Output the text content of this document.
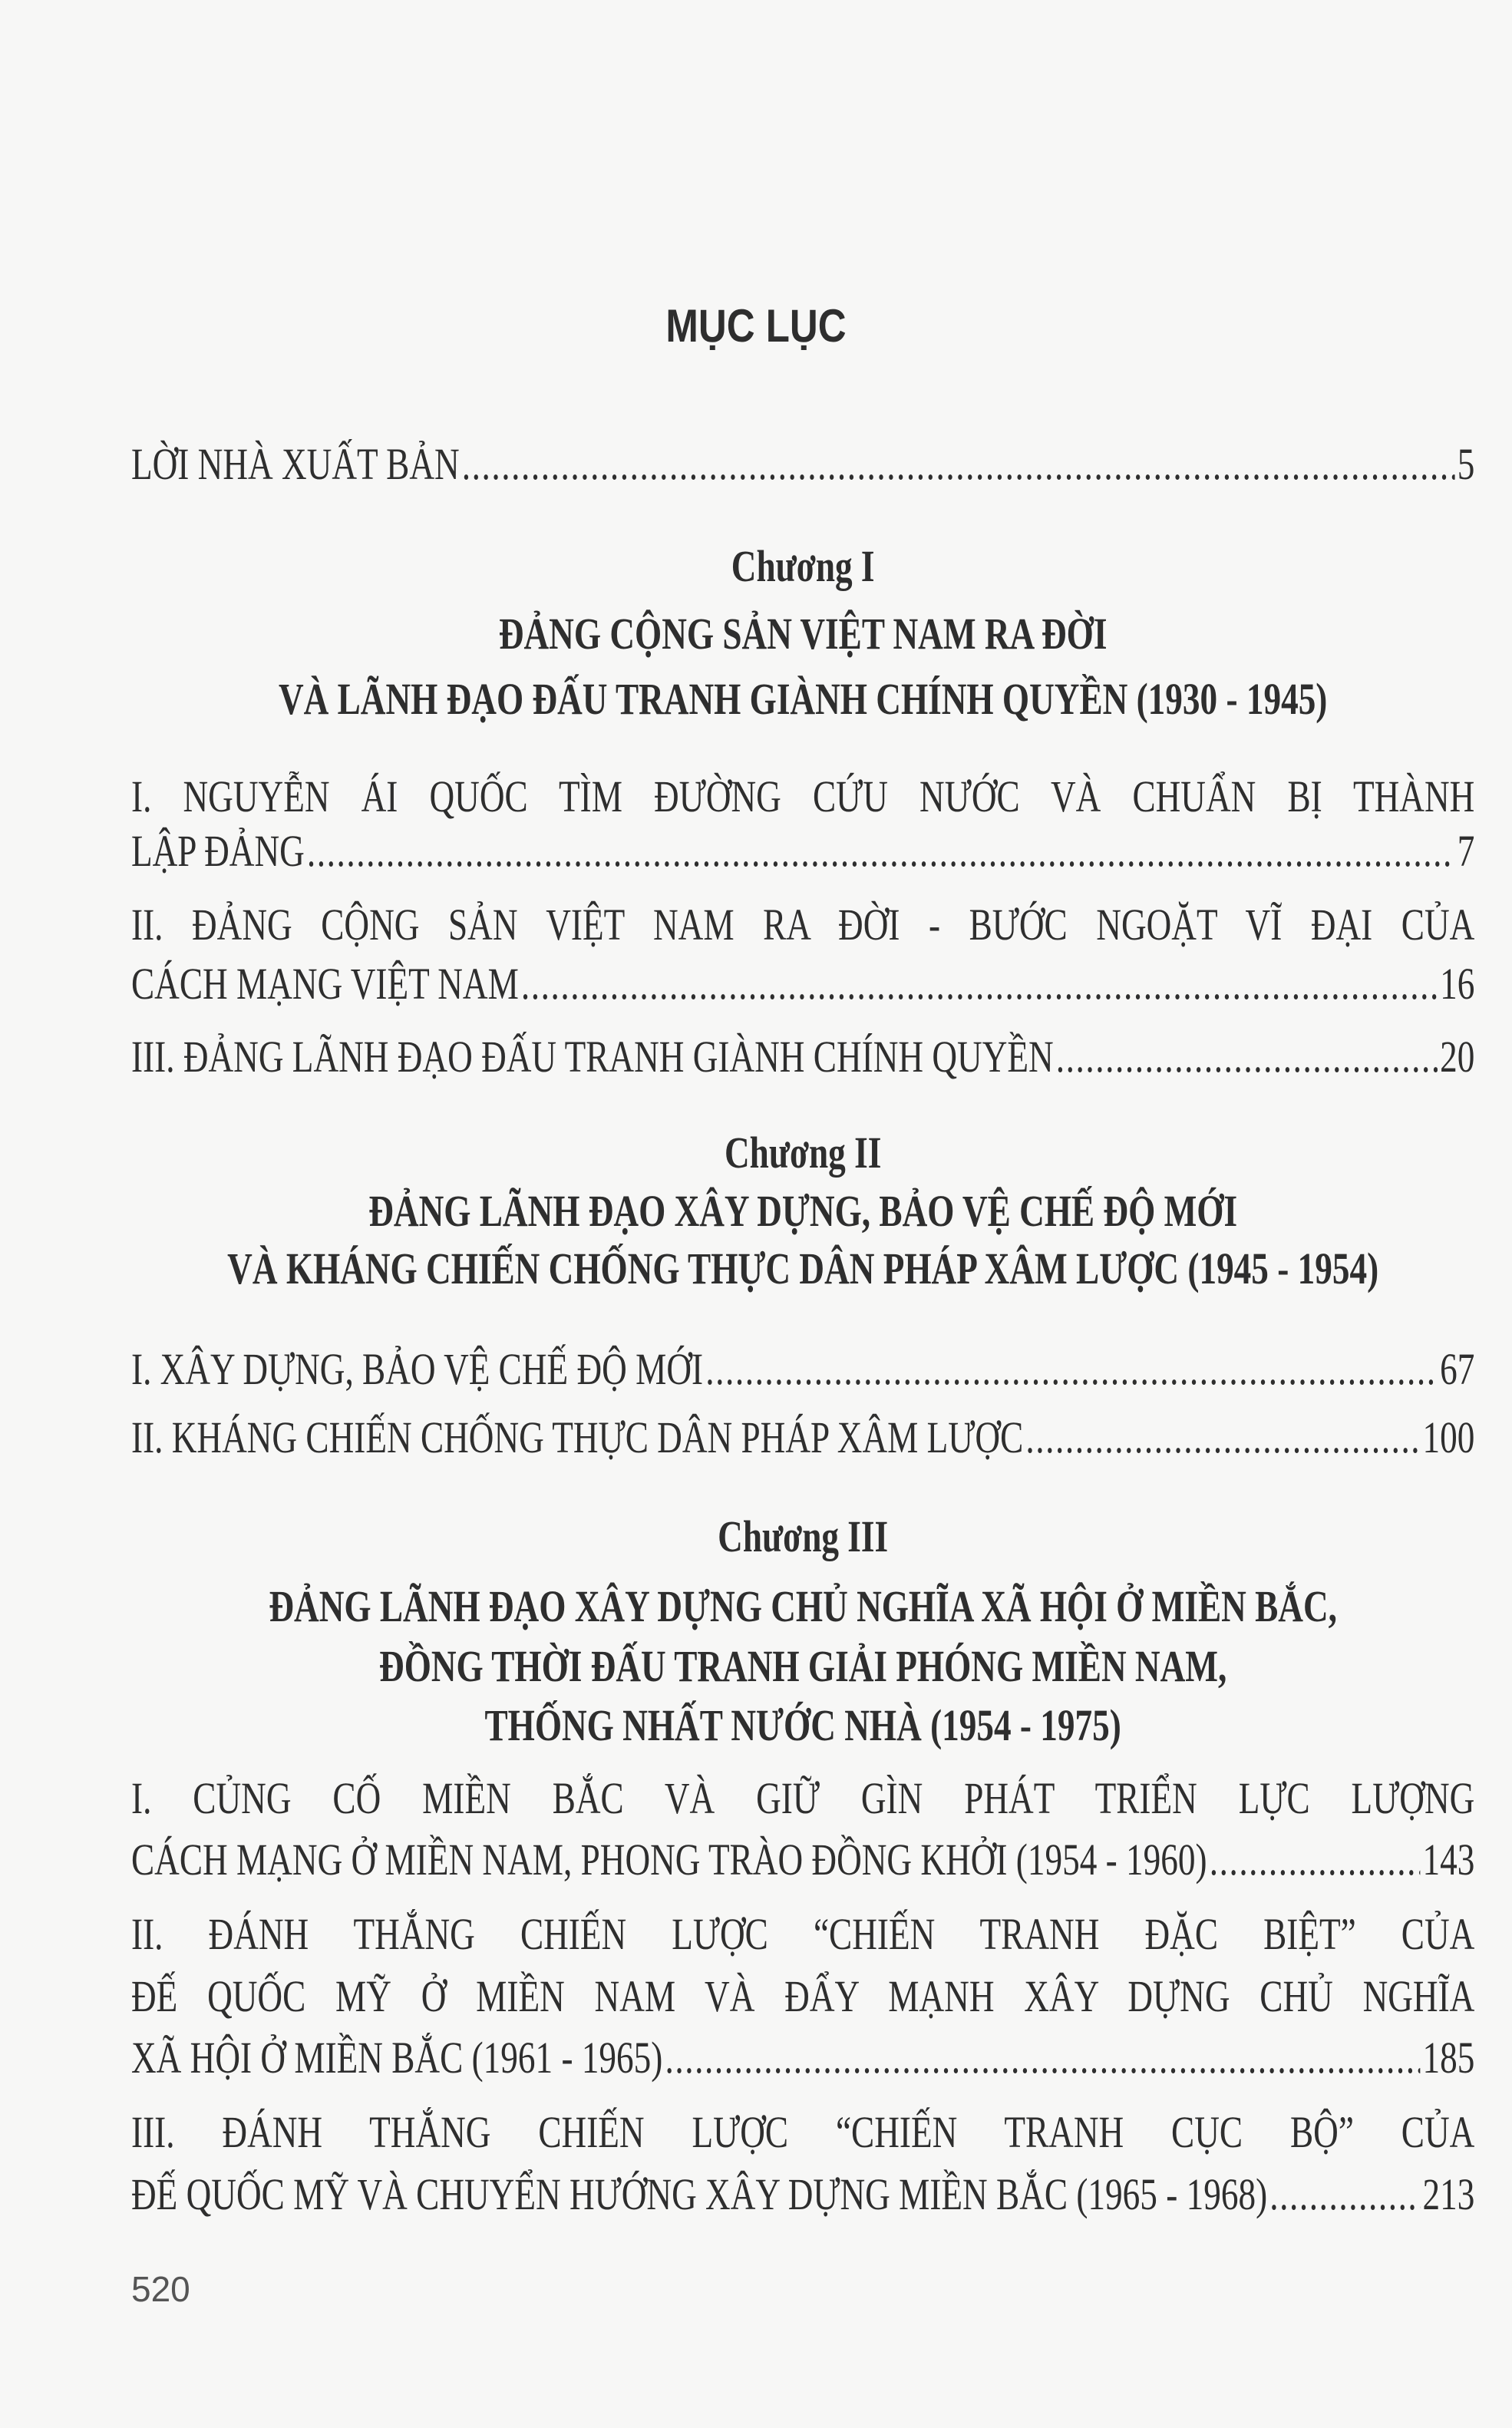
MỤC LỤC
LỜI NHÀ XUẤT BẢN .....	5
Chương I
ĐẢNG CỘNG SẢN VIỆT NAM RA ĐỜI
VÀ LÃNH ĐẠO ĐẤU TRANH GIÀNH CHÍNH QUYỀN (1930 - 1945)
I. NGUYỄN ÁI QUỐC TÌM ĐƯỜNG CỨU NƯỚC VÀ CHUẨN BỊ THÀNH
LẬP ĐẢNG .....	7
II. ĐẢNG CỘNG SẢN VIỆT NAM RA ĐỜI - BƯỚC NGOẶT VĨ ĐẠI CỦA
CÁCH MẠNG VIỆT NAM .....	16
III. ĐẢNG LÃNH ĐẠO ĐẤU TRANH GIÀNH CHÍNH QUYỀN .....	20
Chương II
ĐẢNG LÃNH ĐẠO XÂY DỰNG, BẢO VỆ CHẾ ĐỘ MỚI
VÀ KHÁNG CHIẾN CHỐNG THỰC DÂN PHÁP XÂM LƯỢC (1945 - 1954)
I. XÂY DỰNG, BẢO VỆ CHẾ ĐỘ MỚI .....	67
II. KHÁNG CHIẾN CHỐNG THỰC DÂN PHÁP XÂM LƯỢC .....	100
Chương III
ĐẢNG LÃNH ĐẠO XÂY DỰNG CHỦ NGHĨA XÃ HỘI Ở MIỀN BẮC,
ĐỒNG THỜI ĐẤU TRANH GIẢI PHÓNG MIỀN NAM,
THỐNG NHẤT NƯỚC NHÀ (1954 - 1975)
I. CỦNG CỐ MIỀN BẮC VÀ GIỮ GÌN PHÁT TRIỂN LỰC LƯỢNG
CÁCH MẠNG Ở MIỀN NAM, PHONG TRÀO ĐỒNG KHỞI (1954 - 1960) .....	143
II. ĐÁNH THẮNG CHIẾN LƯỢC “CHIẾN TRANH ĐẶC BIỆT” CỦA
ĐẾ QUỐC MỸ Ở MIỀN NAM VÀ ĐẨY MẠNH XÂY DỰNG CHỦ NGHĨA
XÃ HỘI Ở MIỀN BẮC (1961 - 1965) .....	185
III. ĐÁNH THẮNG CHIẾN LƯỢC “CHIẾN TRANH CỤC BỘ” CỦA
ĐẾ QUỐC MỸ VÀ CHUYỂN HƯỚNG XÂY DỰNG MIỀN BẮC (1965 - 1968) .....	213
520
